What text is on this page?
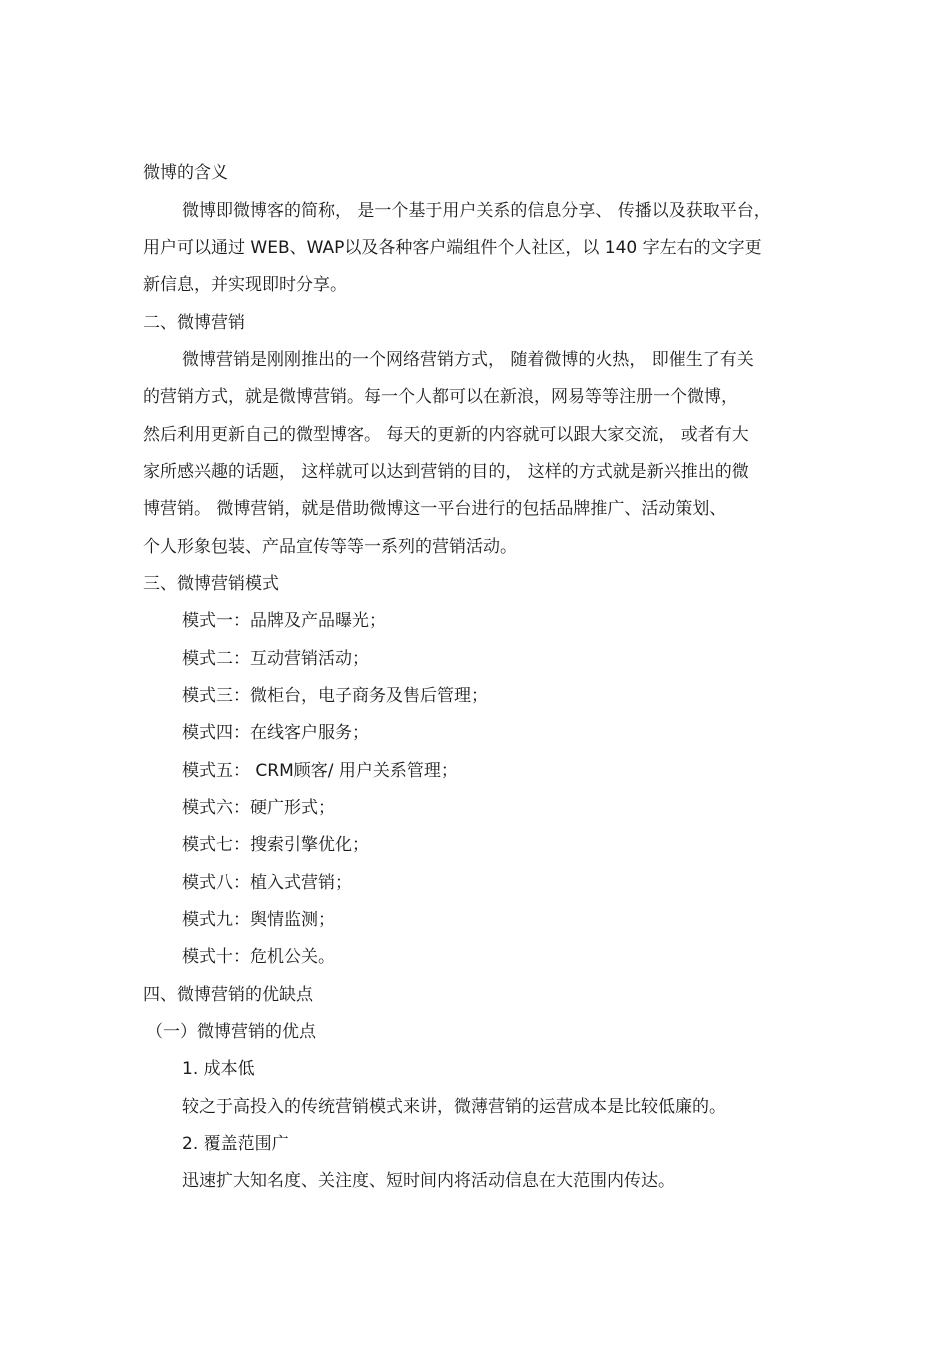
微博的含义
微博即微博客的简称， 是一个基于用户关系的信息分享、 传播以及获取平台，
用户可以通过 WEB、WAP以及各种客户端组件个人社区，以 140 字左右的文字更
新信息，并实现即时分享。
二、微博营销
微博营销是刚刚推出的一个网络营销方式， 随着微博的火热， 即催生了有关
的营销方式，就是微博营销。每一个人都可以在新浪，网易等等注册一个微博，
然后利用更新自己的微型博客。 每天的更新的内容就可以跟大家交流， 或者有大
家所感兴趣的话题， 这样就可以达到营销的目的， 这样的方式就是新兴推出的微
博营销。 微博营销，就是借助微博这一平台进行的包括品牌推广、活动策划、
个人形象包装、产品宣传等等一系列的营销活动。
三、微博营销模式
模式一：品牌及产品曝光；
模式二：互动营销活动；
模式三：微柜台，电子商务及售后管理；
模式四：在线客户服务；
模式五： CRM顾客/ 用户关系管理；
模式六：硬广形式；
模式七：搜索引擎优化；
模式八：植入式营销；
模式九：舆情监测；
模式十：危机公关。
四、微博营销的优缺点
（一）微博营销的优点
1. 成本低
较之于高投入的传统营销模式来讲，微薄营销的运营成本是比较低廉的。
2. 覆盖范围广
迅速扩大知名度、关注度、短时间内将活动信息在大范围内传达。
